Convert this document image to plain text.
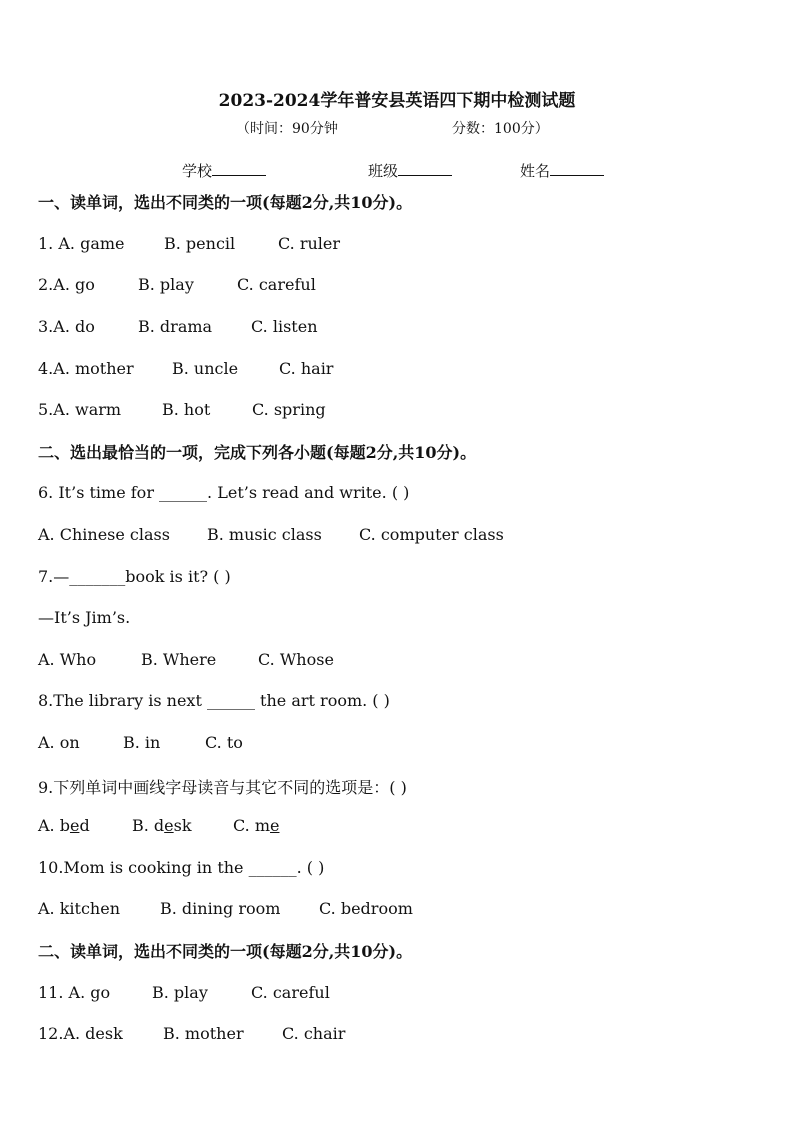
2023-2024学年普安县英语四下期中检测试题
（时间：90分钟	分数：100分）
学校	班级	姓名
一、读单词，选出不同类的一项(每题2分,共10分)。
1. A. game B. pencil	C. ruler
2.A. go	B. play	C. careful
3.A. do	B. drama C. listen
4.A. mother B. uncle	C. hair
5.A. warm	B. hot	C. spring
二、选出最恰当的一项，完成下列各小题(每题2分,共10分)。
6. It’s time for ______. Let’s read and write. ( )
A. Chinese class B. music class C. computer class
7.—_______book is it? ( )
—It’s Jim’s.
A. Who	B. Where	C. Whose
8.The library is next ______ the art room. ( )
A. on	B. in	C. to
9.下列单词中画线字母读音与其它不同的选项是：( )
A. bed	B. desk	C. me
10.Mom is cooking in the ______. ( )
A. kitchen B. dining room C. bedroom
二、读单词，选出不同类的一项(每题2分,共10分)。
11. A. go	B. play	C. careful
12.A. desk	B. mother C. chair
